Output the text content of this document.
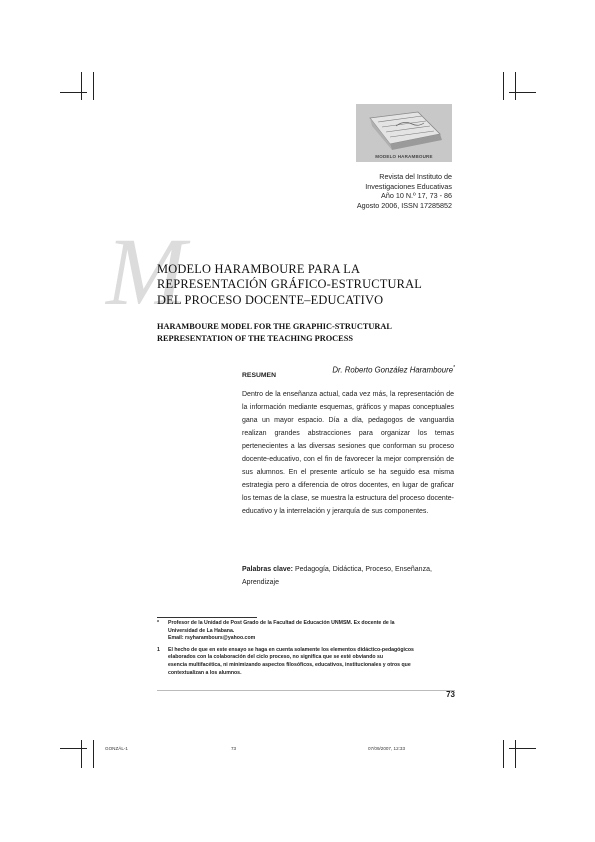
MODELO HARAMBOURE
Revista del Instituto de
Investigaciones Educativas
Año 10 N.º 17, 73 - 86
Agosto 2006, ISSN 17285852
M
MODELO HARAMBOURE PARA LA
REPRESENTACIÓN GRÁFICO-ESTRUCTURAL
DEL PROCESO DOCENTE–EDUCATIVO
HARAMBOURE MODEL FOR THE GRAPHIC-STRUCTURAL
REPRESENTATION OF THE TEACHING PROCESS
Dr. Roberto González Haramboure*
RESUMEN
Dentro de la enseñanza actual, cada vez más, la representación de la información mediante esquemas, gráficos y mapas conceptuales gana un mayor espacio. Día a día, pedagogos de vanguardia realizan grandes abstracciones para organizar los temas pertenecientes a las diversas sesiones que conforman su proceso docente-educativo, con el fin de favorecer la mejor comprensión de sus alumnos. En el presente artículo se ha seguido esa misma estrategia pero a diferencia de otros docentes, en lugar de graficar los temas de la clase, se muestra la estructura del proceso docente-educativo y la interrelación y jerarquía de sus componentes.
Palabras clave: Pedagogía, Didáctica, Proceso, Enseñanza, Aprendizaje
* Profesor de la Unidad de Post Grado de la Facultad de Educación UNMSM. Ex docente de la
Universidad de La Habana.
Email: rsyharambours@yahoo.com
1 El hecho de que en este ensayo se haga en cuenta solamente los elementos didáctico-pedagógicos
elaborados con la colaboración del ciclo proceso, no significa que se esté obviando su
esencia multifacética, ni minimizando aspectos filosóficos, educativos, institucionales y otros que
contextualizan a los alumnos.
73
GONZÁL-1	73	07/09/2007, 12:33
